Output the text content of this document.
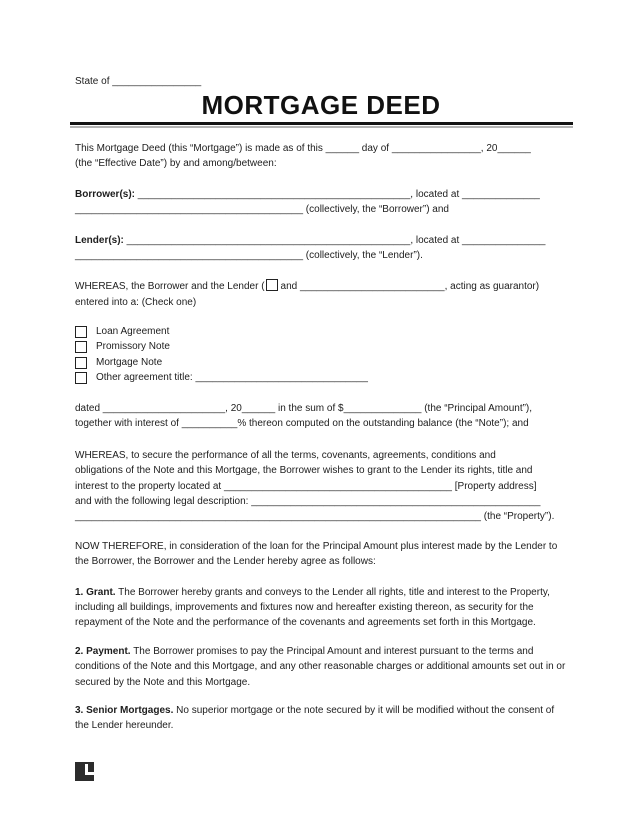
State of ________________
MORTGAGE DEED
This Mortgage Deed (this “Mortgage”) is made as of this ______ day of ________________, 20______
(the “Effective Date”) by and among/between:
Borrower(s): _________________________________________________, located at ______________
_________________________________________ (collectively, the “Borrower”) and
Lender(s): ___________________________________________________, located at _______________
_________________________________________ (collectively, the “Lender”).
WHEREAS, the Borrower and the Lender ( and __________________________, acting as guarantor)
entered into a: (Check one)
Loan Agreement
Promissory Note
Mortgage Note
Other agreement title: _______________________________
dated ______________________, 20______ in the sum of $______________ (the “Principal Amount”),
together with interest of __________% thereon computed on the outstanding balance (the “Note”); and
WHEREAS, to secure the performance of all the terms, covenants, agreements, conditions and
obligations of the Note and this Mortgage, the Borrower wishes to grant to the Lender its rights, title and
interest to the property located at _________________________________________ [Property address]
and with the following legal description: ____________________________________________________
_________________________________________________________________________ (the “Property”).

NOW THEREFORE, in consideration of the loan for the Principal Amount plus interest made by the Lender to the Borrower, the Borrower and the Lender hereby agree as follows:

1. Grant. The Borrower hereby grants and conveys to the Lender all rights, title and interest to the Property, including all buildings, improvements and fixtures now and hereafter existing thereon, as security for the repayment of the Note and the performance of the covenants and agreements set forth in this Mortgage.

2. Payment. The Borrower promises to pay the Principal Amount and interest pursuant to the terms and conditions of the Note and this Mortgage, and any other reasonable charges or additional amounts set out in or secured by the Note and this Mortgage.

3. Senior Mortgages. No superior mortgage or the note secured by it will be modified without the consent of the Lender hereunder.
